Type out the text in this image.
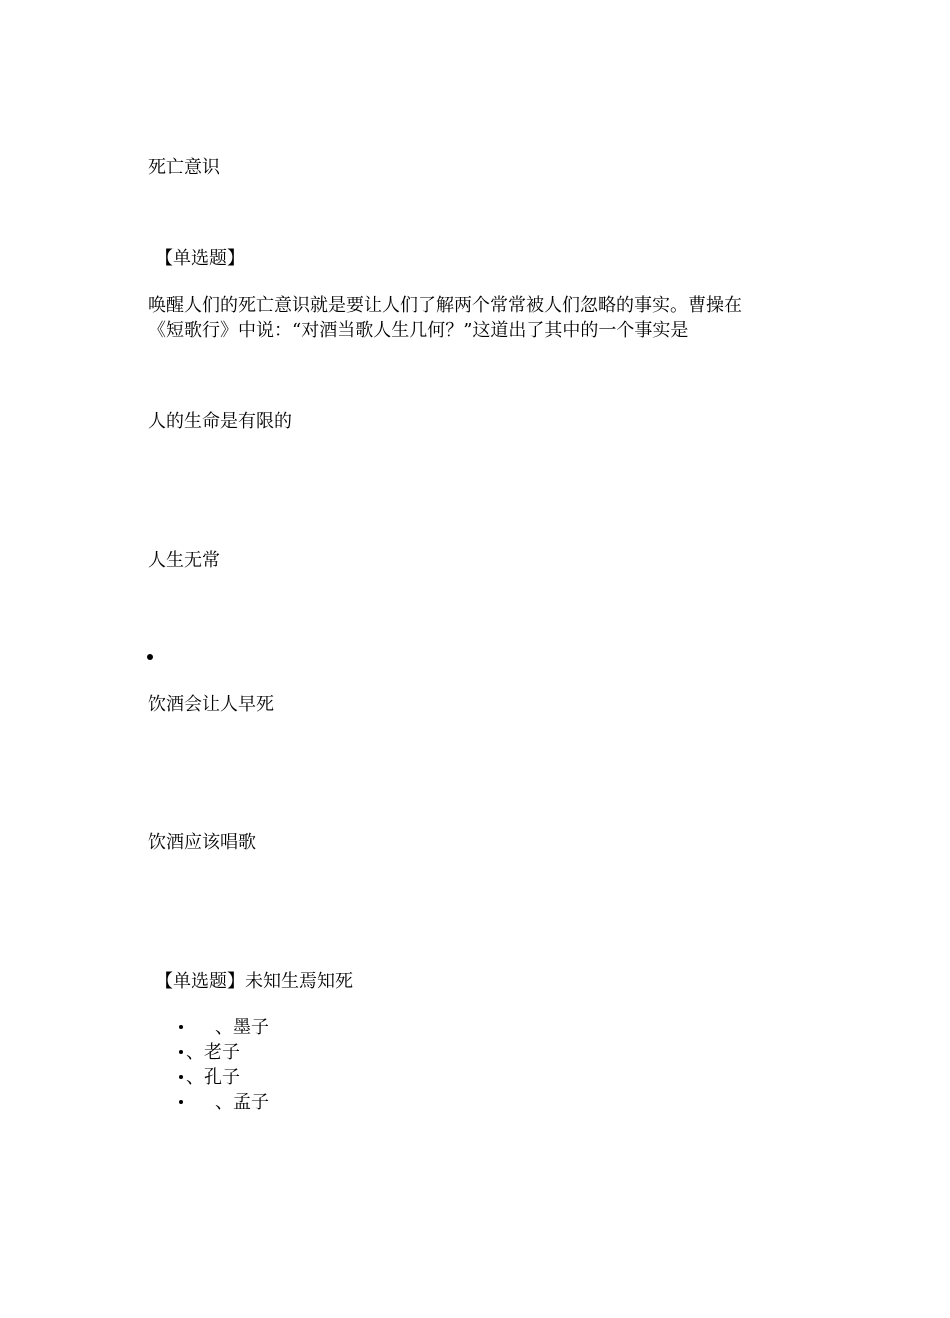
死亡意识
【单选题】
唤醒人们的死亡意识就是要让人们了解两个常常被人们忽略的事实。曹操在
《短歌行》中说：“对酒当歌人生几何？”这道出了其中的一个事实是
人的生命是有限的
人生无常
饮酒会让人早死
饮酒应该唱歌
【单选题】未知生焉知死
、墨子
、老子
、孔子
、孟子
